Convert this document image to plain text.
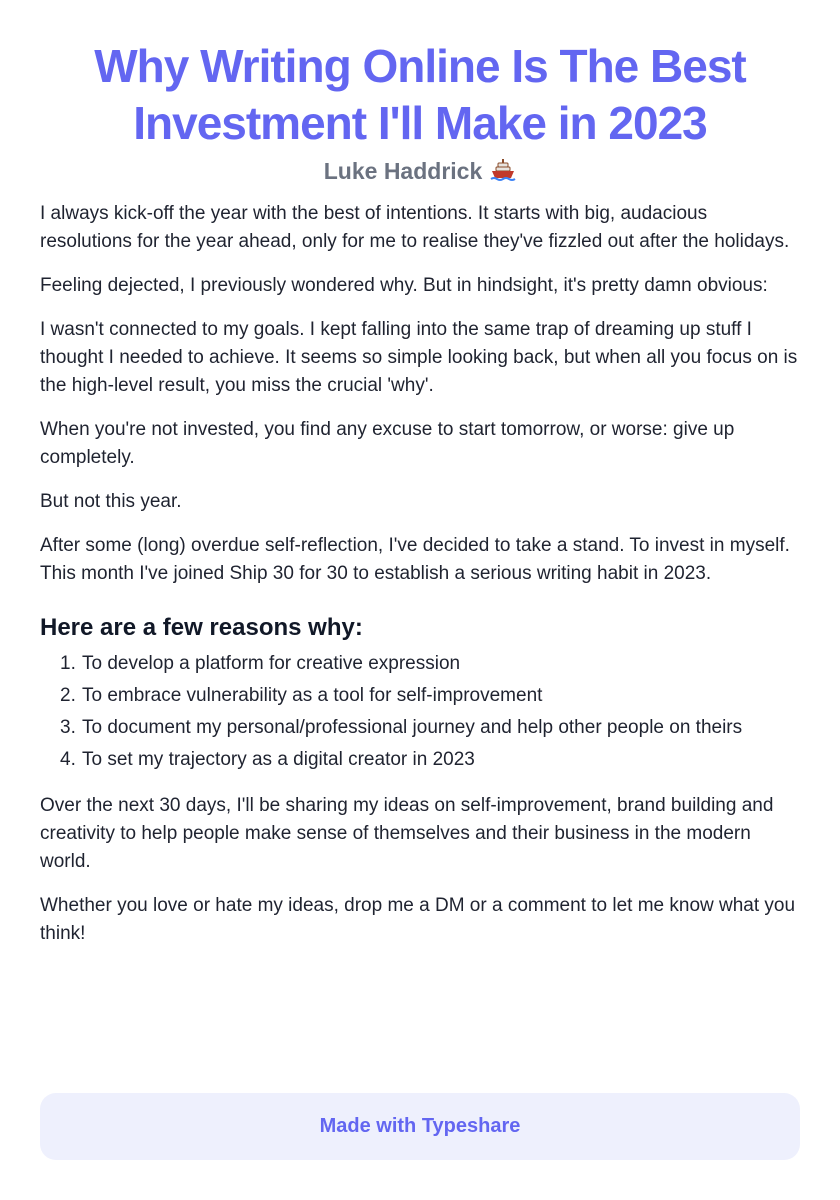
Why Writing Online Is The Best Investment I'll Make in 2023
Luke Haddrick

I always kick-off the year with the best of intentions. It starts with big, audacious resolutions for the year ahead, only for me to realise they've fizzled out after the holidays.

Feeling dejected, I previously wondered why. But in hindsight, it's pretty damn obvious:

I wasn't connected to my goals. I kept falling into the same trap of dreaming up stuff I thought I needed to achieve. It seems so simple looking back, but when all you focus on is the high-level result, you miss the crucial 'why'.

When you're not invested, you find any excuse to start tomorrow, or worse: give up completely.

But not this year.

After some (long) overdue self-reflection, I've decided to take a stand. To invest in myself. This month I've joined Ship 30 for 30 to establish a serious writing habit in 2023.

Here are a few reasons why:
1. To develop a platform for creative expression
2. To embrace vulnerability as a tool for self-improvement
3. To document my personal/professional journey and help other people on theirs
4. To set my trajectory as a digital creator in 2023

Over the next 30 days, I'll be sharing my ideas on self-improvement, brand building and creativity to help people make sense of themselves and their business in the modern world.

Whether you love or hate my ideas, drop me a DM or a comment to let me know what you think!

Made with Typeshare
